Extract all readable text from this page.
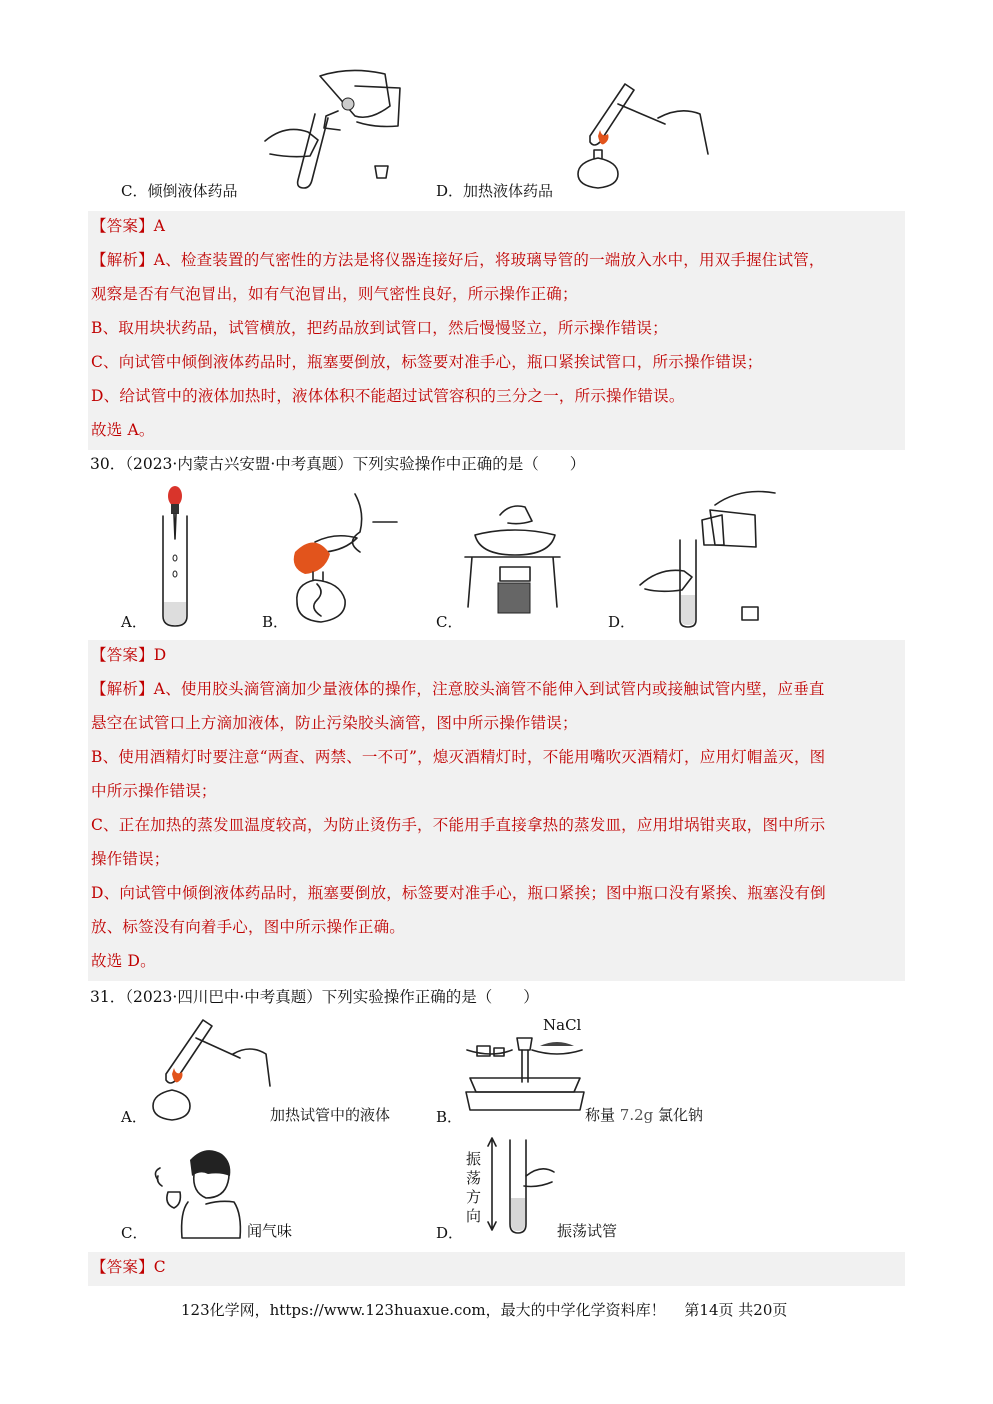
C．倾倒液体药品	D．加热液体药品
【答案】A
【解析】A、检查装置的气密性的方法是将仪器连接好后，将玻璃导管的一端放入水中，用双手握住试管，
观察是否有气泡冒出，如有气泡冒出，则气密性良好，所示操作正确；
B、取用块状药品，试管横放，把药品放到试管口，然后慢慢竖立，所示操作错误；
C、向试管中倾倒液体药品时，瓶塞要倒放，标签要对准手心，瓶口紧挨试管口，所示操作错误；
D、给试管中的液体加热时，液体体积不能超过试管容积的三分之一，所示操作错误。
故选 A。
30．（2023·内蒙古兴安盟·中考真题）下列实验操作中正确的是（　　）
A．	B．	C．	D．
【答案】D
【解析】A、使用胶头滴管滴加少量液体的操作，注意胶头滴管不能伸入到试管内或接触试管内壁，应垂直
悬空在试管口上方滴加液体，防止污染胶头滴管，图中所示操作错误；
B、使用酒精灯时要注意“两查、两禁、一不可”，熄灭酒精灯时，不能用嘴吹灭酒精灯，应用灯帽盖灭，图
中所示操作错误；
C、正在加热的蒸发皿温度较高，为防止烫伤手，不能用手直接拿热的蒸发皿，应用坩埚钳夹取，图中所示
操作错误；
D、向试管中倾倒液体药品时，瓶塞要倒放，标签要对准手心，瓶口紧挨；图中瓶口没有紧挨、瓶塞没有倒
放、标签没有向着手心，图中所示操作正确。
故选 D。
31．（2023·四川巴中·中考真题）下列实验操作正确的是（　　）
A．	加热试管中的液体
NaCl
B．	称量 7.2g 氯化钠
C．	闻气味
振
荡
方
向
D．	振荡试管
【答案】C
123化学网，https://www.123huaxue.com，最大的中学化学资料库！ 第14页 共20页
